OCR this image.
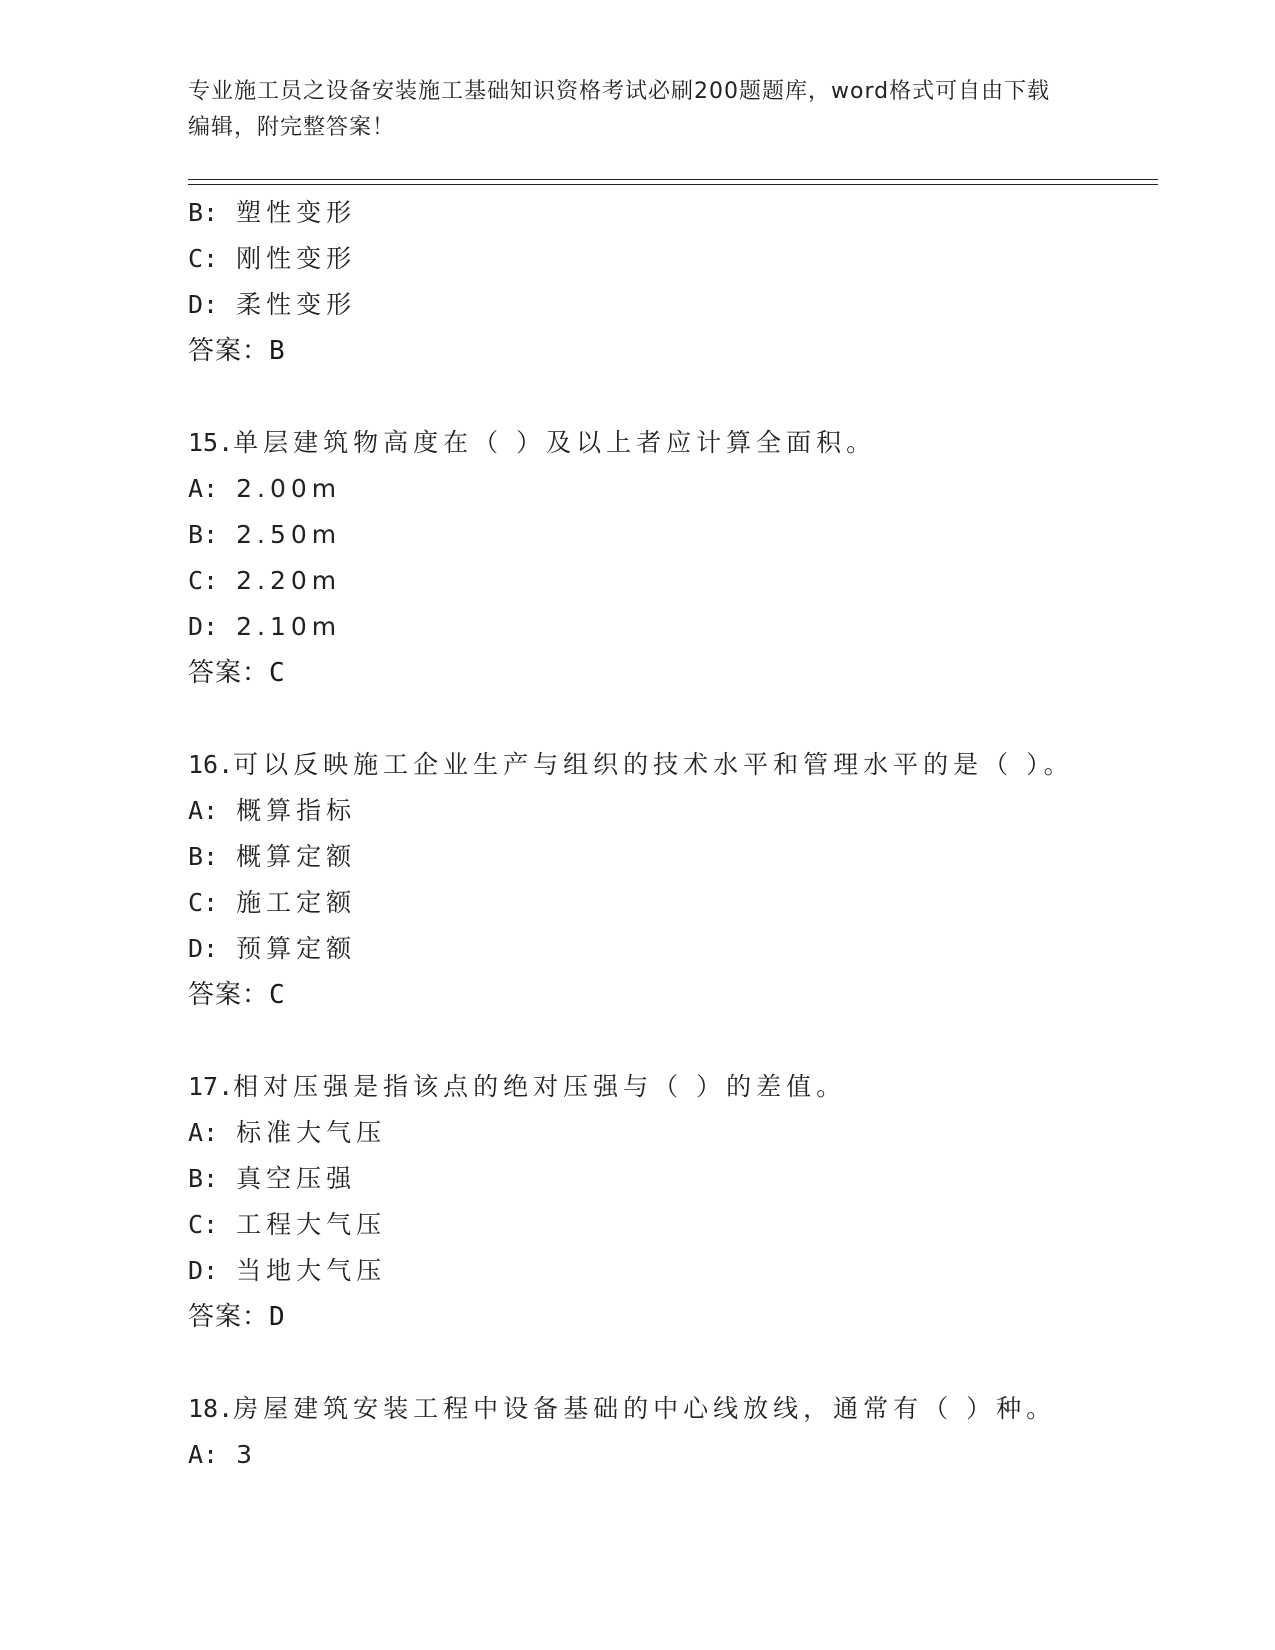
专业施工员之设备安装施工基础知识资格考试必刷200题题库，word格式可自由下载编辑，附完整答案！
B: 塑性变形
C: 刚性变形
D: 柔性变形
答案：B
15.单层建筑物高度在（ ）及以上者应计算全面积。
A: 2.00m
B: 2.50m
C: 2.20m
D: 2.10m
答案：C
16.可以反映施工企业生产与组织的技术水平和管理水平的是（ ）。
A: 概算指标
B: 概算定额
C: 施工定额
D: 预算定额
答案：C
17.相对压强是指该点的绝对压强与（ ）的差值。
A: 标准大气压
B: 真空压强
C: 工程大气压
D: 当地大气压
答案：D
18.房屋建筑安装工程中设备基础的中心线放线，通常有（ ）种。
A: 3
